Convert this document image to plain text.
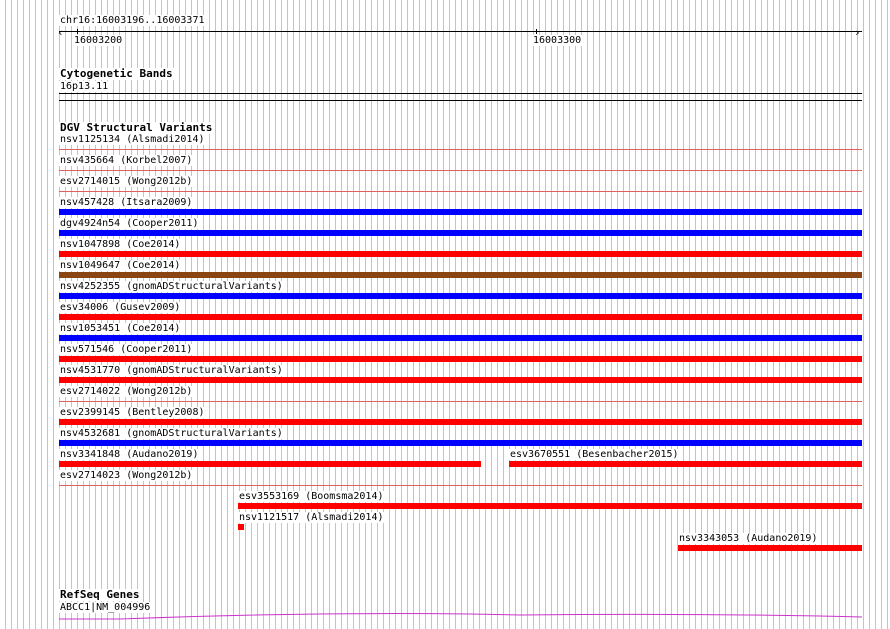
chr16:16003196..16003371
‹	›
16003200	16003300
Cytogenetic Bands
16p13.11
DGV Structural Variants
nsv1125134 (Alsmadi2014)
nsv435664 (Korbel2007)
esv2714015 (Wong2012b)
nsv457428 (Itsara2009)
dgv4924n54 (Cooper2011)
nsv1047898 (Coe2014)
nsv1049647 (Coe2014)
nsv4252355 (gnomADStructuralVariants)
esv34006 (Gusev2009)
nsv1053451 (Coe2014)
nsv571546 (Cooper2011)
nsv4531770 (gnomADStructuralVariants)
esv2714022 (Wong2012b)
esv2399145 (Bentley2008)
nsv4532681 (gnomADStructuralVariants)
nsv3341848 (Audano2019)	esv3670551 (Besenbacher2015)
esv2714023 (Wong2012b)
esv3553169 (Boomsma2014)
nsv1121517 (Alsmadi2014)
nsv3343053 (Audano2019)
RefSeq Genes
ABCC1|NM_004996
